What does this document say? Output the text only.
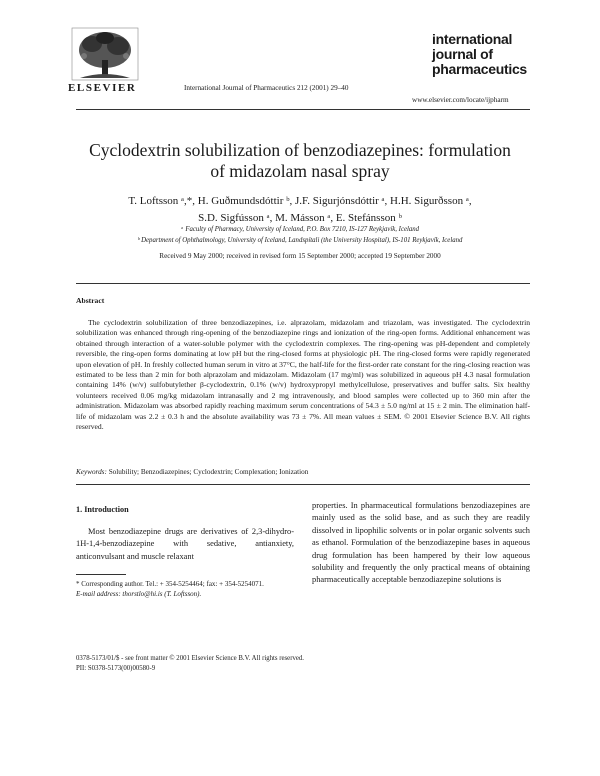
ELSEVIER	International Journal of Pharmaceutics 212 (2001) 29–40
international
journal of
pharmaceutics
www.elsevier.com/locate/ijpharm
Cyclodextrin solubilization of benzodiazepines: formulation
of midazolam nasal spray
T. Loftsson ᵃ,*, H. Guðmundsdóttir ᵇ, J.F. Sigurjónsdóttir ᵃ, H.H. Sigurðsson ᵃ,
S.D. Sigfússon ᵃ, M. Másson ᵃ, E. Stefánsson ᵇ
ᵃ Faculty of Pharmacy, University of Iceland, P.O. Box 7210, IS-127 Reykjavík, Iceland
ᵇ Department of Ophthalmology, University of Iceland, Landspítali (the University Hospital), IS-101 Reykjavík, Iceland
Received 9 May 2000; received in revised form 15 September 2000; accepted 19 September 2000
Abstract

The cyclodextrin solubilization of three benzodiazepines, i.e. alprazolam, midazolam and triazolam, was investigated. The cyclodextrin solubilization was enhanced through ring-opening of the benzodiazepine rings and ionization of the ring-open forms. Additional enhancement was obtained through interaction of a water-soluble polymer with the cyclodextrin complexes. The ring-opening was pH-dependent and completely reversible, the ring-open forms dominating at low pH but the ring-closed forms at physiologic pH. The ring-closed forms were rapidly regenerated upon elevation of pH. In freshly collected human serum in vitro at 37°C, the half-life for the first-order rate constant for the ring-closing reaction was estimated to be less than 2 min for both alprazolam and midazolam. Midazolam (17 mg/ml) was solubilized in aqueous pH 4.3 nasal formulation containing 14% (w/v) sulfobutylether β-cyclodextrin, 0.1% (w/v) hydroxypropyl methylcellulose, preservatives and buffer salts. Six healthy volunteers received 0.06 mg/kg midazolam intranasally and 2 mg intravenously, and blood samples were collected up to 360 min after the administration. Midazolam was absorbed rapidly reaching maximum serum concentrations of 54.3 ± 5.0 ng/ml at 15 ± 2 min. The elimination half-life of midazolam was 2.2 ± 0.3 h and the absolute availability was 73 ± 7%. All mean values ± SEM. © 2001 Elsevier Science B.V. All rights reserved.

Keywords: Solubility; Benzodiazepines; Cyclodextrin; Complexation; Ionization
1. Introduction

Most benzodiazepine drugs are derivatives of 2,3-dihydro-1H-1,4-benzodiazepine with sedative, antianxiety, anticonvulsant and muscle relaxant

properties. In pharmaceutical formulations benzodiazepines are mainly used as the solid base, and as such they are readily dissolved in lipophilic solvents or in polar organic solvents such as ethanol. Formulation of the benzodiazepine bases in aqueous drug formulation has been hampered by their low aqueous solubility and frequently the only practical means of obtaining pharmaceutically acceptable benzodiazepine solutions is

* Corresponding author. Tel.: + 354-5254464; fax: + 354-5254071.

E-mail address: thorstlo@hi.is (T. Loftsson).

0378-5173/01/$ - see front matter © 2001 Elsevier Science B.V. All rights reserved.
PII: S0378-5173(00)00580-9
